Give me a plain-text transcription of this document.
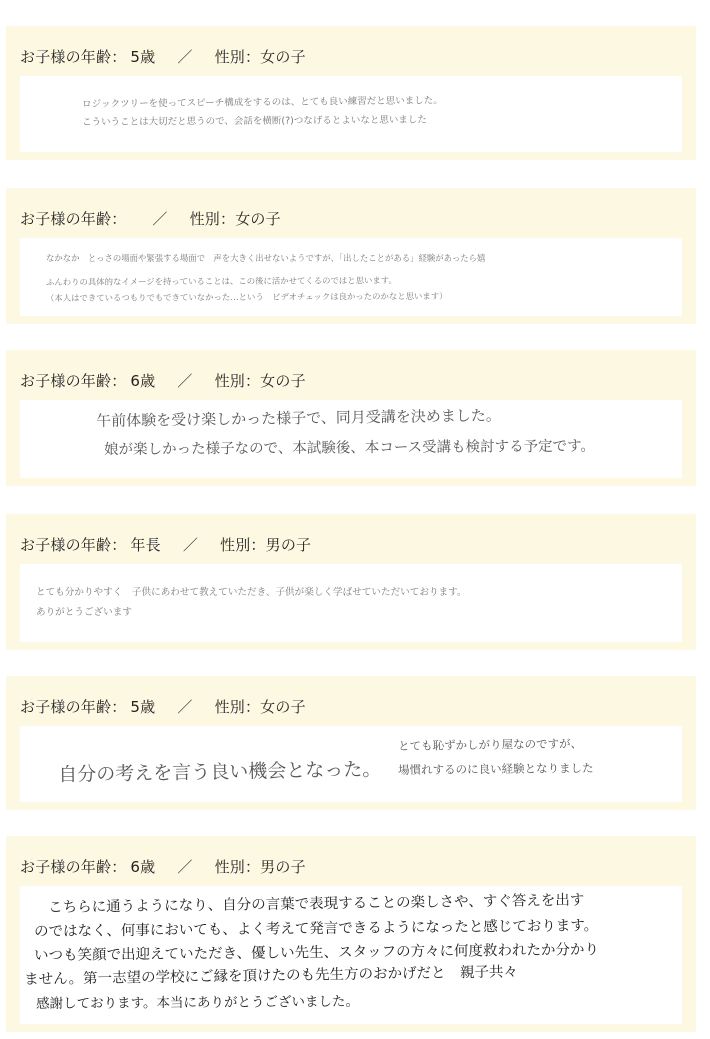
お子様の年齢： 5歳 ／ 性別：女の子
ロジックツリーを使ってスピーチ構成をするのは、とても良い練習だと思いました。
こういうことは大切だと思うので、会話を横断(?)つなげるとよいなと思いました
お子様の年齢： ／ 性別：女の子
なかなか　とっさの場面や緊張する場面で　声を大きく出せないようですが、「出したことがある」経験があったら嬉
ふんわりの具体的なイメージを持っていることは、この後に活かせてくるのではと思います。
（本人はできているつもりでもできていなかった…という　ビデオチェックは良かったのかなと思います）
お子様の年齢： 6歳 ／ 性別：女の子
午前体験を受け楽しかった様子で、同月受講を決めました。
娘が楽しかった様子なので、本試験後、本コース受講も検討する予定です。
お子様の年齢： 年長 ／ 性別：男の子
とても分かりやすく　子供にあわせて教えていただき、子供が楽しく学ばせていただいております。
ありがとうございます
お子様の年齢： 5歳 ／ 性別：女の子
自分の考えを言う良い機会となった。
とても恥ずかしがり屋なのですが、
場慣れするのに良い経験となりました
お子様の年齢： 6歳 ／ 性別：男の子
こちらに通うようになり、自分の言葉で表現することの楽しさや、すぐ答えを出す
のではなく、何事においても、よく考えて発言できるようになったと感じております。
いつも笑顔で出迎えていただき、優しい先生、スタッフの方々に何度救われたか分かり
ません。第一志望の学校にご縁を頂けたのも先生方のおかげだと　親子共々
感謝しております。本当にありがとうございました。
